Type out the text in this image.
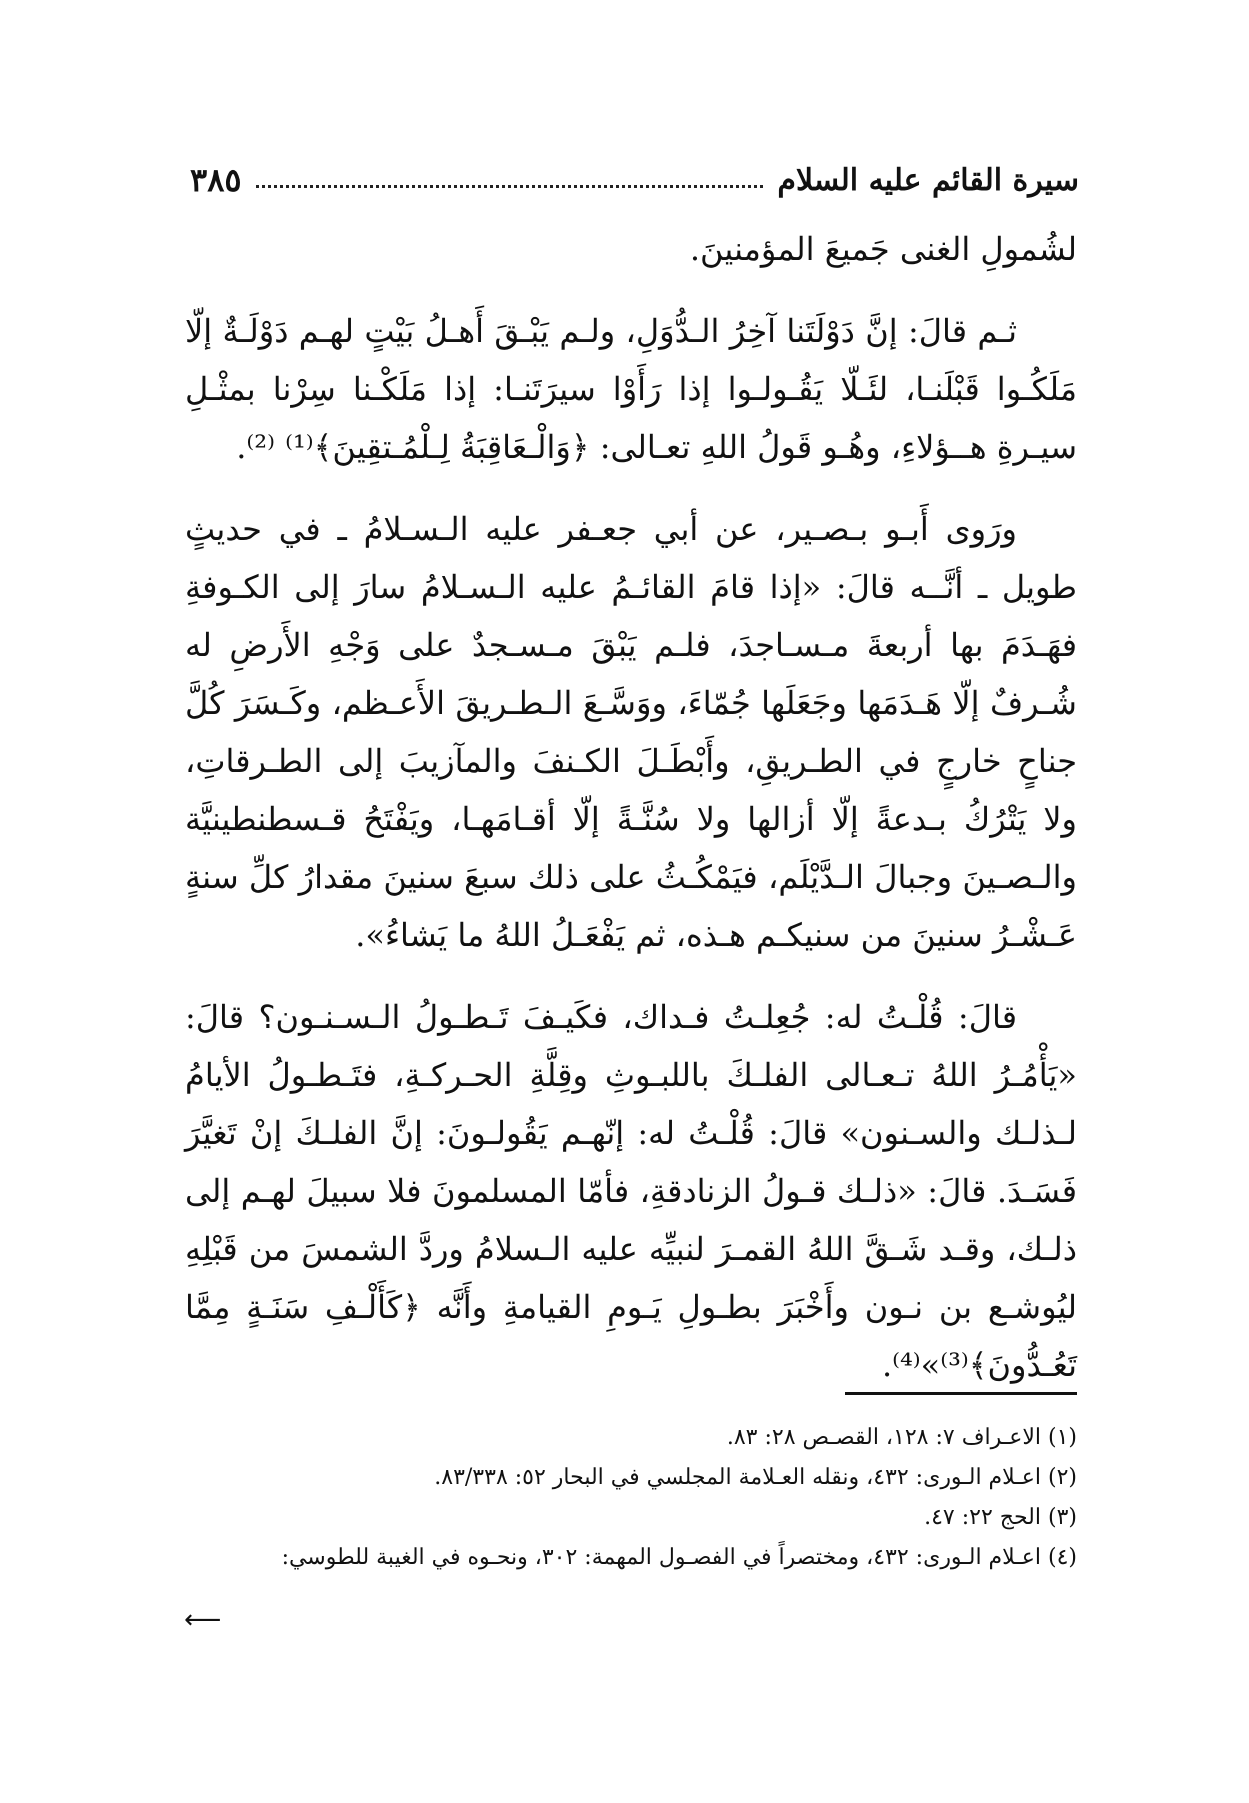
سيرة القائم عليه السلام
٣٨٥

لشُمولِ الغنى جَميعَ المؤمنينَ.

ثـم قالَ: إنَّ دَوْلَتَنا آخِرُ الـدُّوَلِ، ولـم يَبْـقَ أَهـلُ بَيْتٍ لهـم دَوْلَـةٌ إلّا مَلَكُـوا قَبْلَنـا، لئَـلّا يَقُـولـوا إذا رَأَوْا سيرَتَنـا: إذا مَلَكْـنا سِرْنا بمثْـلِ سيـرةِ هــؤلاءِ، وهُـو قَولُ اللهِ تعـالى: ﴿وَالْـعَاقِبَةُ لِـلْمُـتقِينَ﴾⁽¹⁾ ⁽²⁾.

ورَوى أَبـو بـصـير، عن أبي جعـفر عليه الـسـلامُ ـ في حديثٍ طويل ـ أنَّــه قالَ: «إذا قامَ القائـمُ عليه الـسـلامُ سارَ إلى الكـوفةِ فهَـدَمَ بها أربعةَ مـسـاجدَ، فلـم يَبْقَ مـسـجدٌ على وَجْهِ الأَرضِ له شُـرفٌ إلّا هَـدَمَها وجَعَلَها جُمّاءَ، ووَسَّـعَ الـطـريقَ الأَعـظم، وكَـسَرَ كُلَّ جناحٍ خارجٍ في الطـريقِ، وأَبْطَـلَ الكـنفَ والمآزيبَ إلى الطـرقاتِ، ولا يَتْرُكُ بـدعةً إلّا أزالها ولا سُنَّـةً إلّا أقـامَهـا، ويَفْتَحُ قـسطنطينيَّة والـصـينَ وجبالَ الـدَّيْلَم، فيَمْكُـثُ على ذلك سبعَ سنينَ مقدارُ كلِّ سنةٍ عَـشْـرُ سنينَ من سنيكـم هـذه، ثم يَفْعَـلُ اللهُ ما يَشاءُ».

قالَ: قُلْـتُ له: جُعِلـتُ فـداك، فكَيـفَ تَـطـولُ الـسـنـون؟ قالَ: «يَأْمُـرُ اللهُ تـعـالى الفلـكَ باللبـوثِ وقِلَّةِ الحـركـةِ، فتَـطـولُ الأيامُ لـذلـك والسـنون» قالَ: قُلْـتُ له: إنّهـم يَقُولـونَ: إنَّ الفلـكَ إنْ تَغيَّرَ فَسَـدَ. قالَ: «ذلـك قـولُ الزنادقةِ، فأمّا المسلمونَ فلا سبيلَ لهـم إلى ذلـك، وقـد شَـقَّ اللهُ القمـرَ لنبيِّه عليه الـسلامُ وردَّ الشمسَ من قَبْلِهِ ليُوشـع بن نـون وأَخْبَرَ بطـولِ يَـومِ القيامةِ وأَنَّه ﴿كَأَلْـفِ سَنَـةٍ مِمَّا تَعُـدُّونَ﴾⁽³⁾»⁽⁴⁾.

(١) الاعـراف ٧: ١٢٨، القصـص ٢٨: ٨٣.

(٢) اعـلام الـورى: ٤٣٢، ونقله العـلامة المجلسي في البحار ٥٢: ٨٣/٣٣٨.

(٣) الحج ٢٢: ٤٧.

(٤) اعـلام الـورى: ٤٣٢، ومختصراً في الفصـول المهمة: ٣٠٢، ونحـوه في الغيبة للطوسي:

⟵
